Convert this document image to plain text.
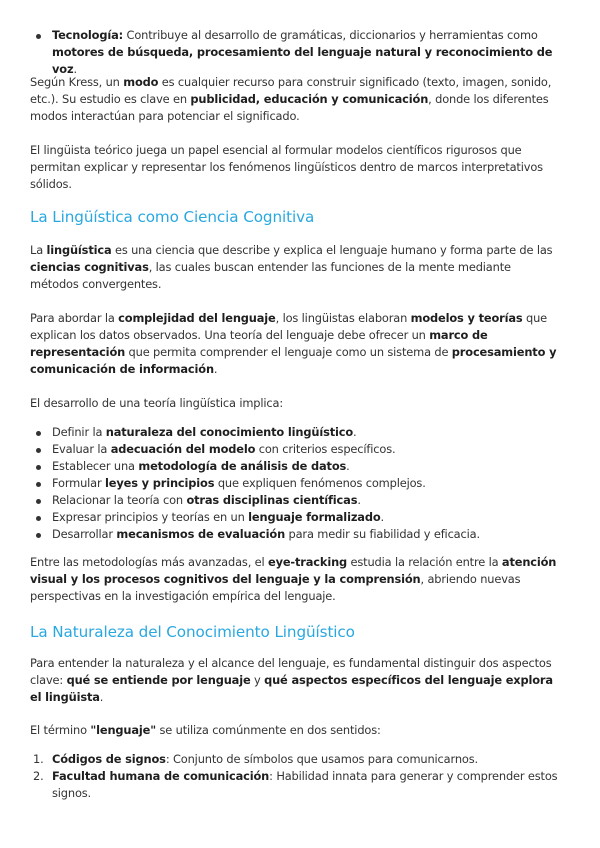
Tecnología: Contribuye al desarrollo de gramáticas, diccionarios y herramientas como motores de búsqueda, procesamiento del lenguaje natural y reconocimiento de voz.

Según Kress, un modo es cualquier recurso para construir significado (texto, imagen, sonido, etc.). Su estudio es clave en publicidad, educación y comunicación, donde los diferentes modos interactúan para potenciar el significado.

El lingüista teórico juega un papel esencial al formular modelos científicos rigurosos que permitan explicar y representar los fenómenos lingüísticos dentro de marcos interpretativos sólidos.

La Lingüística como Ciencia Cognitiva

La lingüística es una ciencia que describe y explica el lenguaje humano y forma parte de las ciencias cognitivas, las cuales buscan entender las funciones de la mente mediante métodos convergentes.

Para abordar la complejidad del lenguaje, los lingüistas elaboran modelos y teorías que explican los datos observados. Una teoría del lenguaje debe ofrecer un marco de representación que permita comprender el lenguaje como un sistema de procesamiento y comunicación de información.

El desarrollo de una teoría lingüística implica:

Definir la naturaleza del conocimiento lingüístico.
Evaluar la adecuación del modelo con criterios específicos.
Establecer una metodología de análisis de datos.
Formular leyes y principios que expliquen fenómenos complejos.
Relacionar la teoría con otras disciplinas científicas.
Expresar principios y teorías en un lenguaje formalizado.
Desarrollar mecanismos de evaluación para medir su fiabilidad y eficacia.

Entre las metodologías más avanzadas, el eye-tracking estudia la relación entre la atención visual y los procesos cognitivos del lenguaje y la comprensión, abriendo nuevas perspectivas en la investigación empírica del lenguaje.

La Naturaleza del Conocimiento Lingüístico

Para entender la naturaleza y el alcance del lenguaje, es fundamental distinguir dos aspectos clave: qué se entiende por lenguaje y qué aspectos específicos del lenguaje explora el lingüista.

El término "lenguaje" se utiliza comúnmente en dos sentidos:

1. Códigos de signos: Conjunto de símbolos que usamos para comunicarnos.
2. Facultad humana de comunicación: Habilidad innata para generar y comprender estos signos.
